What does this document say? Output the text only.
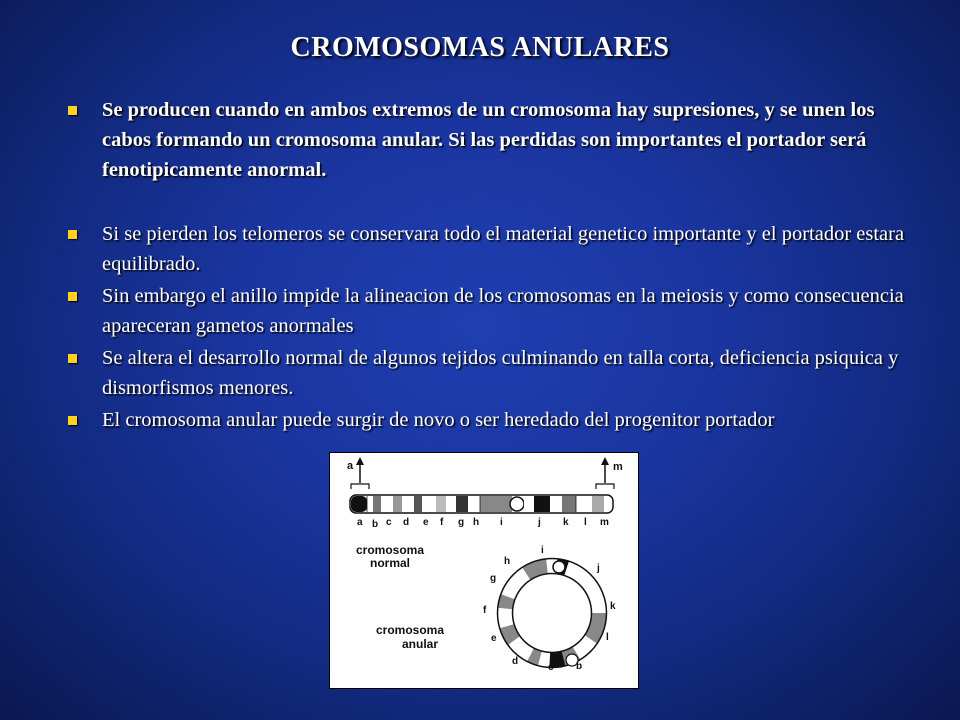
CROMOSOMAS ANULARES
Se producen cuando en ambos extremos de un cromosoma hay supresiones, y se unen los cabos formando un cromosoma anular. Si las perdidas son importantes el portador será fenotipicamente anormal.
Si se pierden los telomeros se conservara todo el material genetico importante y el portador estara equilibrado.
Sin embargo el anillo impide la alineacion de los cromosomas en la meiosis y como consecuencia apareceran gametos anormales
Se altera el desarrollo normal de algunos tejidos culminando en talla corta, deficiencia psiquica y dismorfismos menores.
El cromosoma anular puede surgir de novo o ser heredado del progenitor portador
a	m
a b c d e f g h i	j k l m
cromosoma
normal
cromosoma
anular
b
c
d
e
f
g
h
i
j
k
l
